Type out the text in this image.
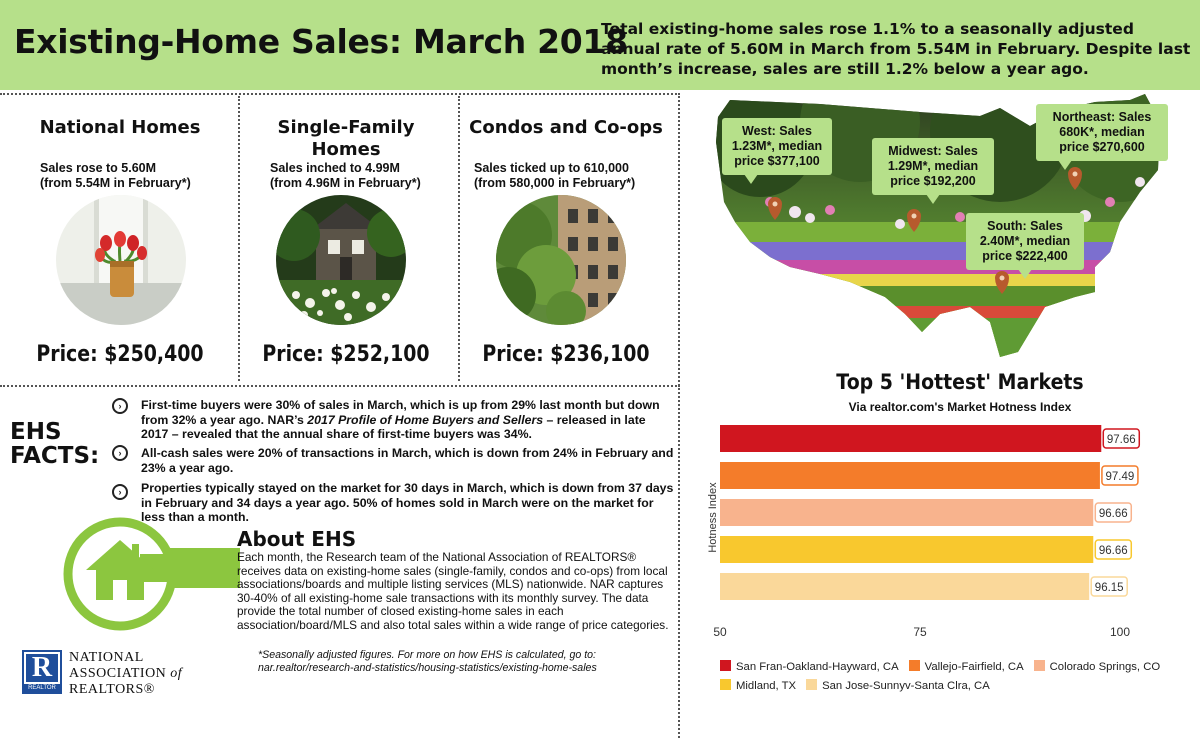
Existing-Home Sales: March 2018
Total existing-home sales rose 1.1% to a seasonally adjusted annual rate of 5.60M in March from 5.54M in February. Despite last month’s increase, sales are still 1.2% below a year ago.
National Homes
Sales rose to 5.60M
(from 5.54M in February*)
Price: $250,400
Single-Family Homes
Sales inched to 4.99M
(from 4.96M in February*)
Price: $252,100
Condos and Co-ops
Sales ticked up to 610,000
(from 580,000 in February*)
Price: $236,100
EHS
FACTS:
›	First-time buyers were 30% of sales in March, which is up from 29% last month but down from 32% a year ago. NAR’s 2017 Profile of Home Buyers and Sellers – released in late 2017 – revealed that the annual share of first-time buyers was 34%.
›	All-cash sales were 20% of transactions in March, which is down from 24% in February and 23% a year ago.
›	Properties typically stayed on the market for 30 days in March, which is down from 37 days in February and 34 days a year ago. 50% of homes sold in March were on the market for less than a month.
About EHS
Each month, the Research team of the National Association of REALTORS® receives data on existing-home sales (single-family, condos and co-ops) from local associations/boards and multiple listing services (MLS) nationwide. NAR captures 30-40% of all existing-home sale transactions with its monthly survey. The data provide the total number of closed existing-home sales in each association/board/MLS and also total sales within a wide range of price categories.
*Seasonally adjusted figures. For more on how EHS is calculated, go to: nar.realtor/research-and-statistics/housing-statistics/existing-home-sales
R
REALTOR
NATIONAL
ASSOCIATION of
REALTORS®
West: Sales
1.23M*, median
price $377,100
Midwest: Sales
1.29M*, median
price $192,200
Northeast: Sales
680K*, median
price $270,600
South: Sales
2.40M*, median
price $222,400
Top 5 'Hottest' Markets
Via realtor.com's Market Hotness Index
97.66
97.49
96.66
96.66
96.15
50	75	100
Hotness Index
San Fran-Oakland-Hayward, CA Vallejo-Fairfield, CA Colorado Springs, COMidland, TX San Jose-Sunnyv-Santa Clra, CA
